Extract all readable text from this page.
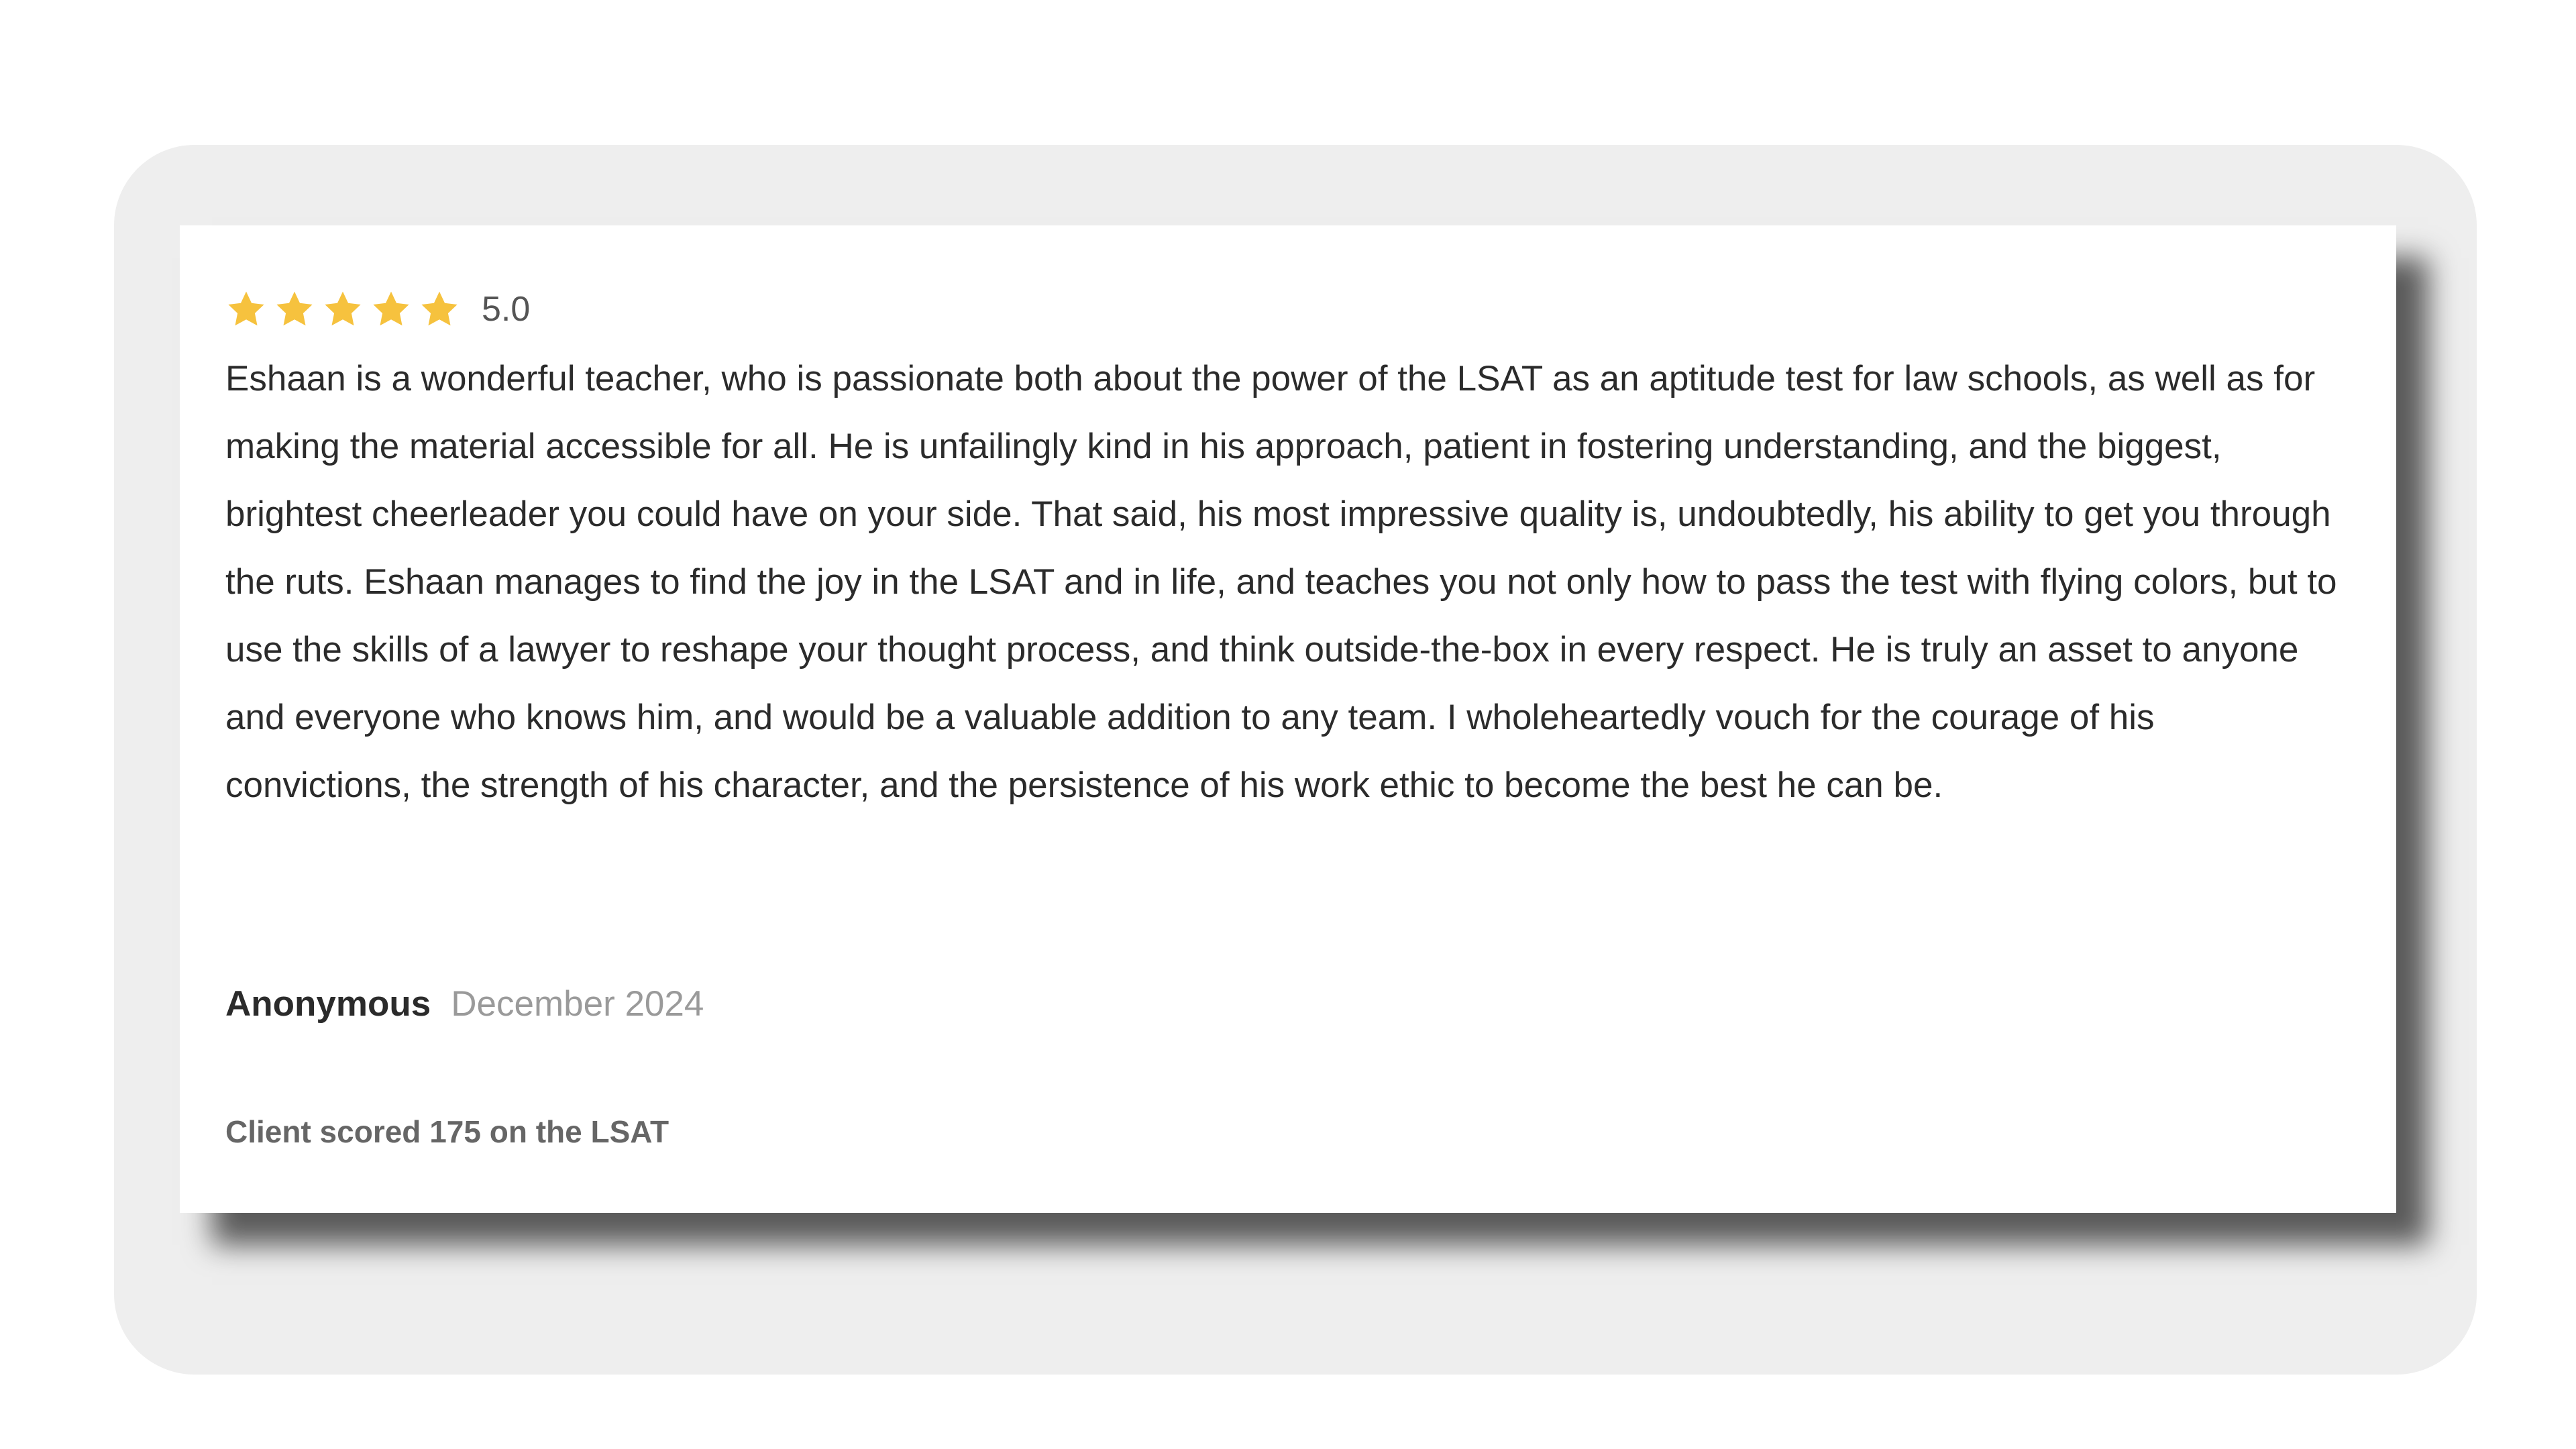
5.0

Eshaan is a wonderful teacher, who is passionate both about the power of the LSAT as an aptitude test for law schools, as well as for making the material accessible for all. He is unfailingly kind in his approach, patient in fostering understanding, and the biggest, brightest cheerleader you could have on your side. That said, his most impressive quality is, undoubtedly, his ability to get you through the ruts. Eshaan manages to find the joy in the LSAT and in life, and teaches you not only how to pass the test with flying colors, but to use the skills of a lawyer to reshape your thought process, and think outside-the-box in every respect. He is truly an asset to anyone and everyone who knows him, and would be a valuable addition to any team. I wholeheartedly vouch for the courage of his convictions, the strength of his character, and the persistence of his work ethic to become the best he can be.

Anonymous December 2024
Client scored 175 on the LSAT
